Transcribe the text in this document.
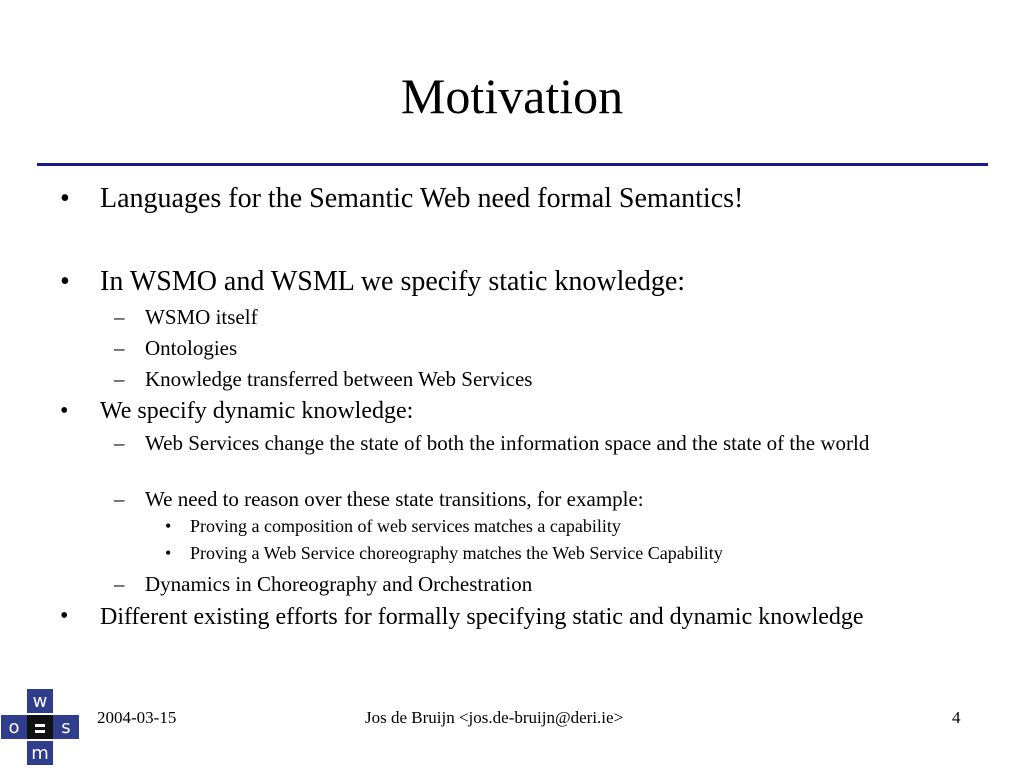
Motivation
• Languages for the Semantic Web need formal Semantics!
• In WSMO and WSML we specify static knowledge:
– WSMO itself
– Ontologies
– Knowledge transferred between Web Services
• We specify dynamic knowledge:
– Web Services change the state of both the information space and the state of the world
– We need to reason over these state transitions, for example:
• Proving a composition of web services matches a capability
• Proving a Web Service choreography matches the Web Service Capability
– Dynamics in Choreography and Orchestration
• Different existing efforts for formally specifying static and dynamic knowledge
w
o s
m
2004-03-15	Jos de Bruijn <jos.de-bruijn@deri.ie>	4
